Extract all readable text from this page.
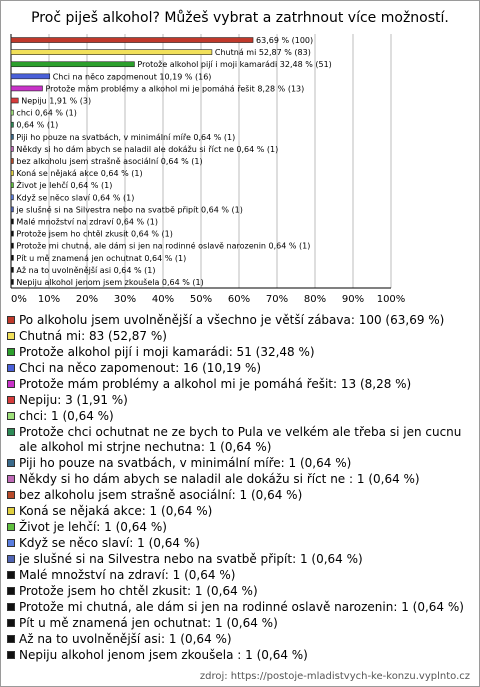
Proč piješ alkohol? Můžeš vybrat a zatrhnout více možností.
0% 10% 20% 30% 40% 50% 60% 70% 80% 90% 100%
63,69 % (100)
Chutná mi 52,87 % (83)
Protože alkohol pijí i moji kamarádi 32,48 % (51)
Chci na něco zapomenout 10,19 % (16)
Protože mám problémy a alkohol mi je pomáhá řešit 8,28 % (13)
Nepiju 1,91 % (3)
chci 0,64 % (1)
0,64 % (1)
Piji ho pouze na svatbách, v minimální míře 0,64 % (1)
Někdy si ho dám abych se naladil ale dokážu si říct ne 0,64 % (1)
bez alkoholu jsem strašně asociální 0,64 % (1)
Koná se nějaká akce 0,64 % (1)
Život je lehčí 0,64 % (1)
Když se něco slaví 0,64 % (1)
je slušné si na Silvestra nebo na svatbě připít 0,64 % (1)
Malé množství na zdraví 0,64 % (1)
Protože jsem ho chtěl zkusit 0,64 % (1)
Protože mi chutná, ale dám si jen na rodinné oslavě narozenin 0,64 % (1)
Pít u mě znamená jen ochutnat 0,64 % (1)
Až na to uvolněnější asi 0,64 % (1)
Nepiju alkohol jenom jsem zkoušela 0,64 % (1)
Po alkoholu jsem uvolněnější a všechno je větší zábava: 100 (63,69 %)
Chutná mi: 83 (52,87 %)
Protože alkohol pijí i moji kamarádi: 51 (32,48 %)
Chci na něco zapomenout: 16 (10,19 %)
Protože mám problémy a alkohol mi je pomáhá řešit: 13 (8,28 %)
Nepiju: 3 (1,91 %)
chci: 1 (0,64 %)
Protože chci ochutnat ne ze bych to Pula ve velkém ale třeba si jen cucnu ale alkohol mi strjne nechutna: 1 (0,64 %)
Piji ho pouze na svatbách, v minimální míře: 1 (0,64 %)
Někdy si ho dám abych se naladil ale dokážu si říct ne : 1 (0,64 %)
bez alkoholu jsem strašně asociální: 1 (0,64 %)
Koná se nějaká akce: 1 (0,64 %)
Život je lehčí: 1 (0,64 %)
Když se něco slaví: 1 (0,64 %)
je slušné si na Silvestra nebo na svatbě připít: 1 (0,64 %)
Malé množství na zdraví: 1 (0,64 %)
Protože jsem ho chtěl zkusit: 1 (0,64 %)
Protože mi chutná, ale dám si jen na rodinné oslavě narozenin: 1 (0,64 %)
Pít u mě znamená jen ochutnat: 1 (0,64 %)
Až na to uvolněnější asi: 1 (0,64 %)
Nepiju alkohol jenom jsem zkoušela : 1 (0,64 %)
zdroj: https://postoje-mladistvych-ke-konzu.vyplnto.cz
